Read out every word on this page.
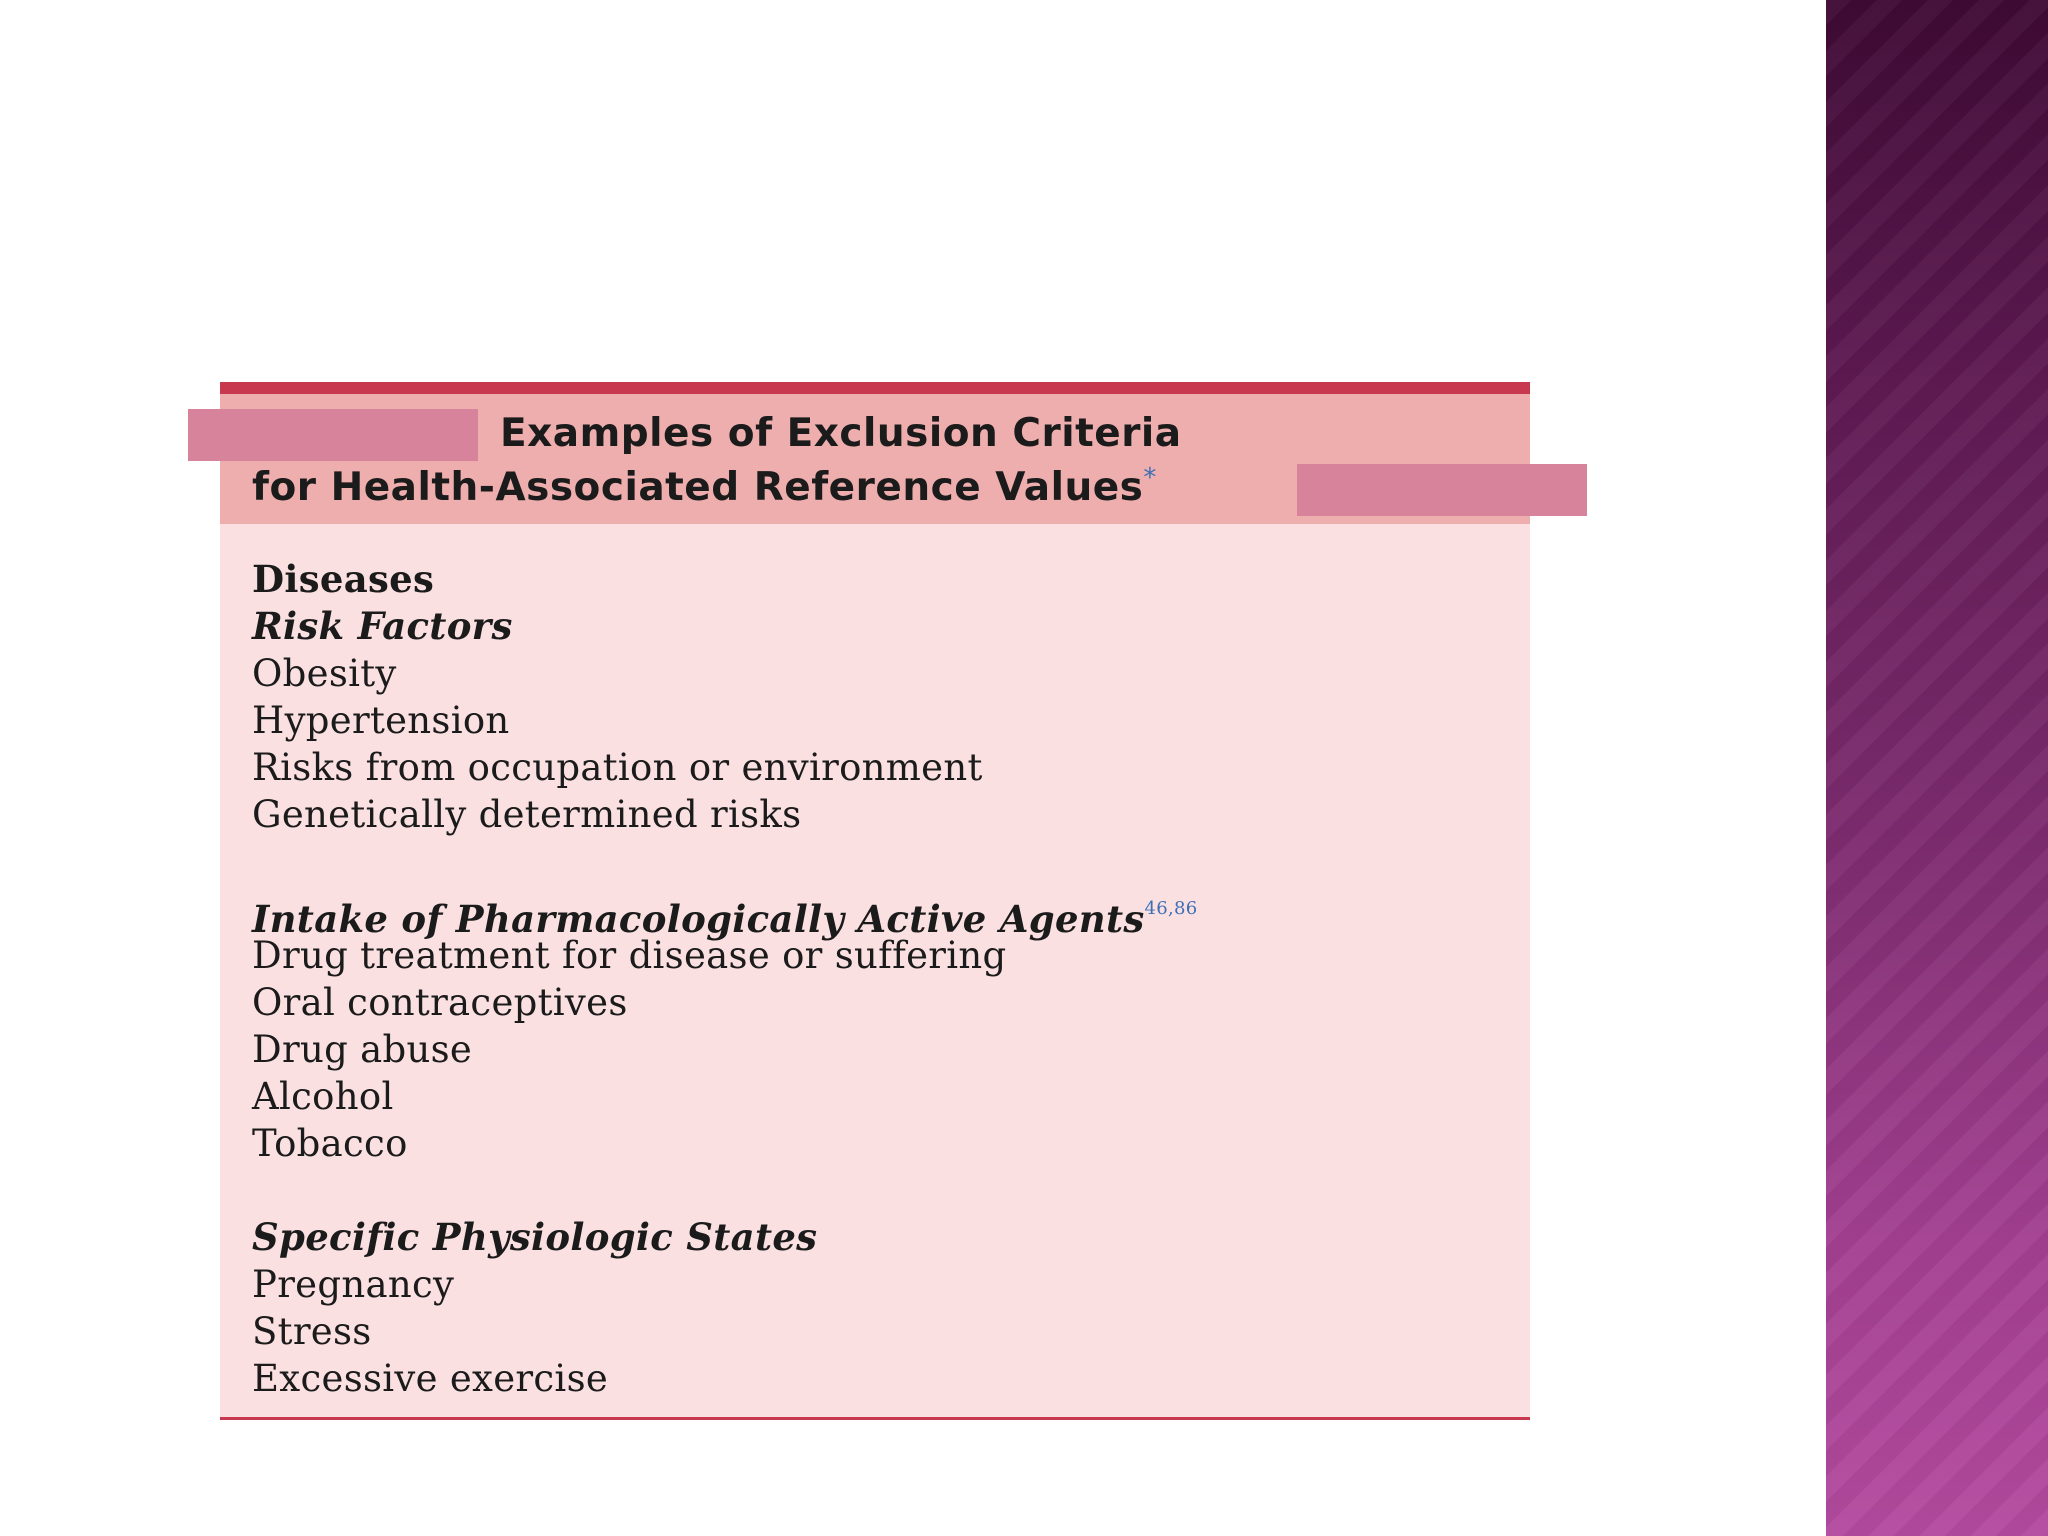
Examples of Exclusion Criteria
for Health-Associated Reference Values*
Diseases
Risk Factors
Obesity
Hypertension
Risks from occupation or environment
Genetically determined risks
Intake of Pharmacologically Active Agents$^{46,86}$
Drug treatment for disease or suffering
Oral contraceptives
Drug abuse
Alcohol
Tobacco
Specific Physiologic States
Pregnancy
Stress
Excessive exercise
